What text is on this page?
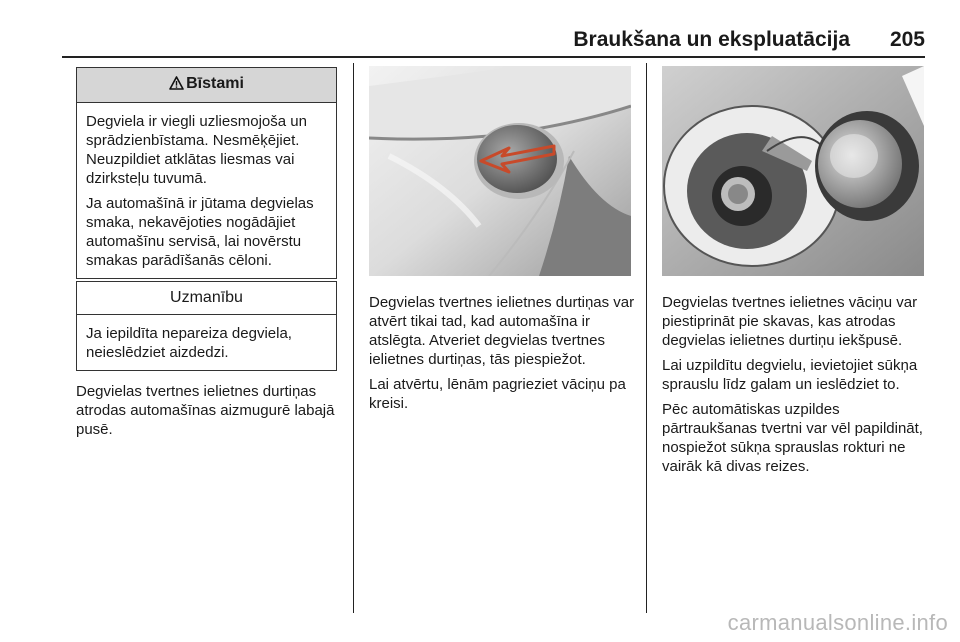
Braukšana un ekspluatācija 205
Bīstami

Degviela ir viegli uzliesmojoša un sprādzienbīstama. Nesmēķējiet. Neuzpildiet atklātas liesmas vai dzirksteļu tuvumā.

Ja automašīnā ir jūtama degvielas smaka, nekavējoties nogādājiet automašīnu servisā, lai novērstu smakas parādīšanās cēloni.

Uzmanību

Ja iepildīta nepareiza degviela, neieslēdziet aizdedzi.

Degvielas tvertnes ielietnes durtiņas atrodas automašīnas aizmugurē labajā pusē.

Degvielas tvertnes ielietnes durtiņas var atvērt tikai tad, kad automašīna ir atslēgta. Atveriet degvielas tvertnes ielietnes durtiņas, tās piespiežot.

Lai atvērtu, lēnām pagrieziet vāciņu pa kreisi.

Degvielas tvertnes ielietnes vāciņu var piestiprināt pie skavas, kas atrodas degvielas ielietnes durtiņu iekšpusē.

Lai uzpildītu degvielu, ievietojiet sūkņa sprauslu līdz galam un ieslēdziet to.

Pēc automātiskas uzpildes pārtraukšanas tvertni var vēl papildināt, nospiežot sūkņa sprauslas rokturi ne vairāk kā divas reizes.

carmanualsonline.info
